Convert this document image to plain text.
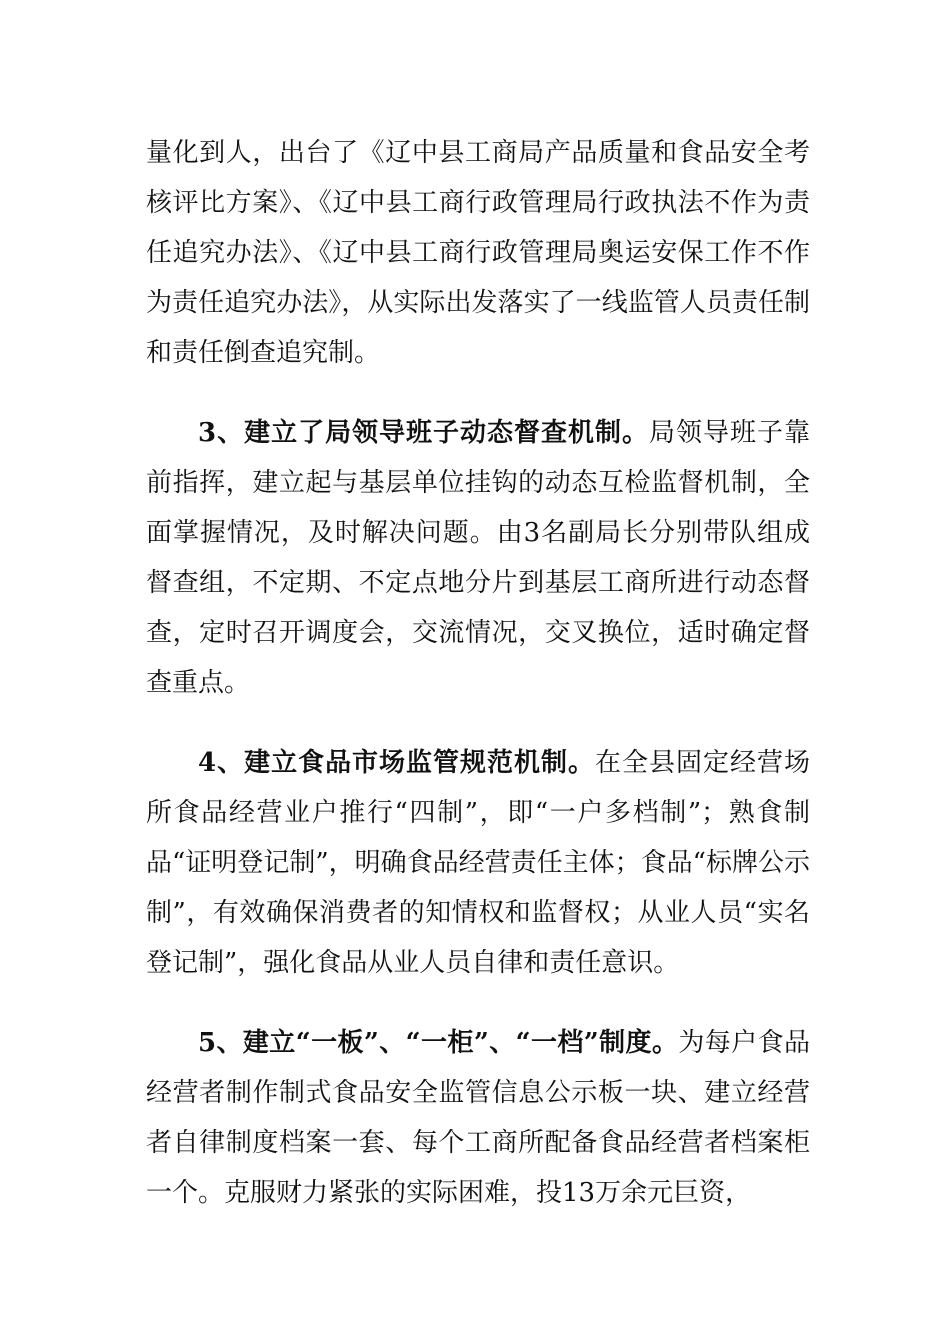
量化到人，出台了《辽中县工商局产品质量和食品安全考核评比方案》、《辽中县工商行政管理局行政执法不作为责任追究办法》、《辽中县工商行政管理局奥运安保工作不作为责任追究办法》，从实际出发落实了一线监管人员责任制和责任倒查追究制。

3、建立了局领导班子动态督查机制。局领导班子靠前指挥，建立起与基层单位挂钩的动态互检监督机制，全面掌握情况，及时解决问题。由3名副局长分别带队组成督查组，不定期、不定点地分片到基层工商所进行动态督查，定时召开调度会，交流情况，交叉换位，适时确定督查重点。

4、建立食品市场监管规范机制。在全县固定经营场所食品经营业户推行“四制”，即“一户多档制”；熟食制品“证明登记制”，明确食品经营责任主体；食品“标牌公示制”，有效确保消费者的知情权和监督权；从业人员“实名登记制”，强化食品从业人员自律和责任意识。

5、建立“一板”、“一柜”、“一档”制度。为每户食品经营者制作制式食品安全监管信息公示板一块、建立经营者自律制度档案一套、每个工商所配备食品经营者档案柜一个。克服财力紧张的实际困难，投13万余元巨资，
